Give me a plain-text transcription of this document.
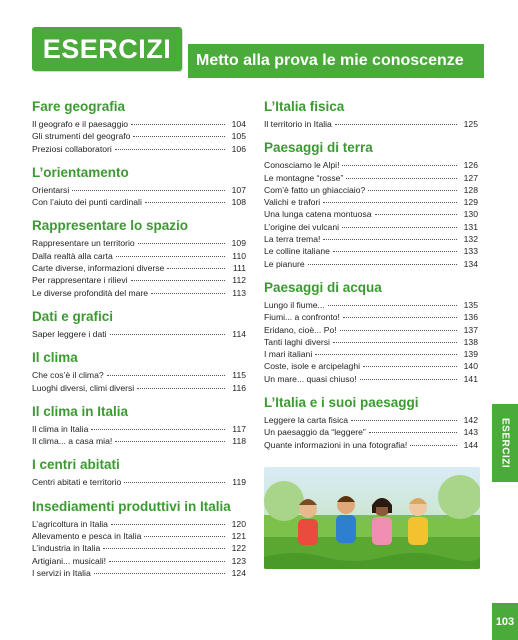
ESERCIZI	Metto alla prova le mie conoscenze
Fare geografia
Il geografo e il paesaggio	104
Gli strumenti del geografo	105
Preziosi collaboratori	106
L’orientamento
Orientarsi	107
Con l’aiuto dei punti cardinali	108
Rappresentare lo spazio
Rappresentare un territorio	109
Dalla realtà alla carta	110
Carte diverse, informazioni diverse	111
Per rappresentare i rilievi	112
Le diverse profondità del mare	113
Dati e grafici
Saper leggere i dati	114
Il clima
Che cos’è il clima?	115
Luoghi diversi, climi diversi	116
Il clima in Italia
Il clima in Italia	117
Il clima... a casa mia!	118
I centri abitati
Centri abitati e territorio	119
Insediamenti produttivi in Italia
L’agricoltura in Italia	120
Allevamento e pesca in Italia	121
L’industria in Italia	122
Artigiani... musicali!	123
I servizi in Italia	124
L’Italia fisica
Il territorio in Italia	125
Paesaggi di terra
Conosciamo le Alpi!	126
Le montagne “rosse”	127
Com’è fatto un ghiacciaio?	128
Valichi e trafori	129
Una lunga catena montuosa	130
L’origine dei vulcani	131
La terra trema!	132
Le colline italiane	133
Le pianure	134
Paesaggi di acqua
Lungo il fiume...	135
Fiumi... a confronto!	136
Eridano, cioè... Po!	137
Tanti laghi diversi	138
I mari italiani	139
Coste, isole e arcipelaghi	140
Un mare... quasi chiuso!	141
L’Italia e i suoi paesaggi
Leggere la carta fisica	142
Un paesaggio da “leggere”	143
Quante informazioni in una fotografia!	144 ESERCIZI
103
